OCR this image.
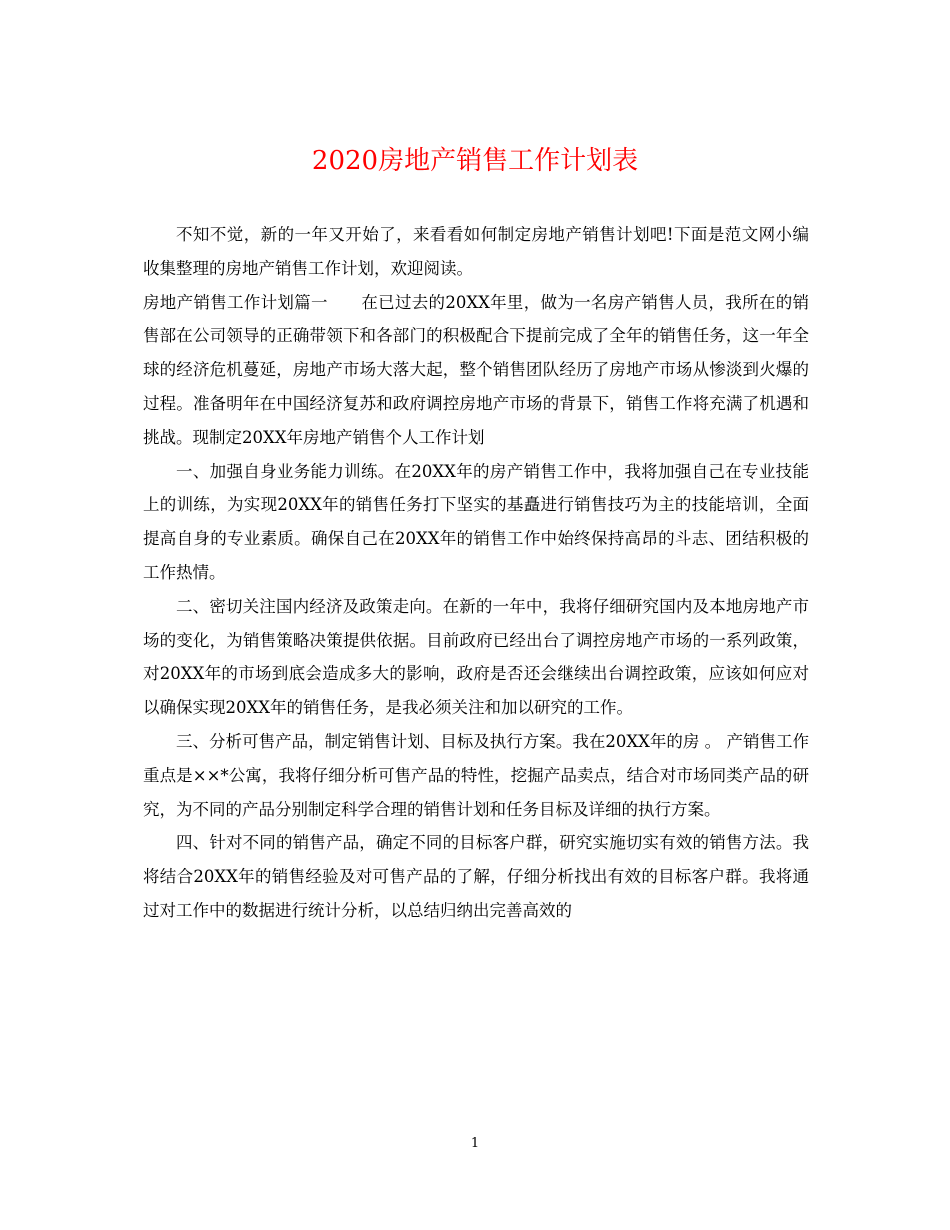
2020房地产销售工作计划表

不知不觉，新的一年又开始了，来看看如何制定房地产销售计划吧!下面是范文网小编收集整理的房地产销售工作计划，欢迎阅读。

房地产销售工作计划篇一　　在已过去的20XX年里，做为一名房产销售人员，我所在的销售部在公司领导的正确带领下和各部门的积极配合下提前完成了全年的销售任务，这一年全球的经济危机蔓延，房地产市场大落大起，整个销售团队经历了房地产市场从惨淡到火爆的过程。准备明年在中国经济复苏和政府调控房地产市场的背景下，销售工作将充满了机遇和挑战。现制定20XX年房地产销售个人工作计划

一、加强自身业务能力训练。在20XX年的房产销售工作中，我将加强自己在专业技能上的训练，为实现20XX年的销售任务打下坚实的基矗进行销售技巧为主的技能培训，全面提高自身的专业素质。确保自己在20XX年的销售工作中始终保持高昂的斗志、团结积极的工作热情。

二、密切关注国内经济及政策走向。在新的一年中，我将仔细研究国内及本地房地产市场的变化，为销售策略决策提供依据。目前政府已经出台了调控房地产市场的一系列政策，对20XX年的市场到底会造成多大的影响，政府是否还会继续出台调控政策，应该如何应对以确保实现20XX年的销售任务，是我必须关注和加以研究的工作。

三、分析可售产品，制定销售计划、目标及执行方案。我在20XX年的房 。 产销售工作重点是××*公寓，我将仔细分析可售产品的特性，挖掘产品卖点，结合对市场同类产品的研究，为不同的产品分别制定科学合理的销售计划和任务目标及详细的执行方案。

四、针对不同的销售产品，确定不同的目标客户群，研究实施切实有效的销售方法。我将结合20XX年的销售经验及对可售产品的了解，仔细分析找出有效的目标客户群。我将通过对工作中的数据进行统计分析，以总结归纳出完善高效的

1
